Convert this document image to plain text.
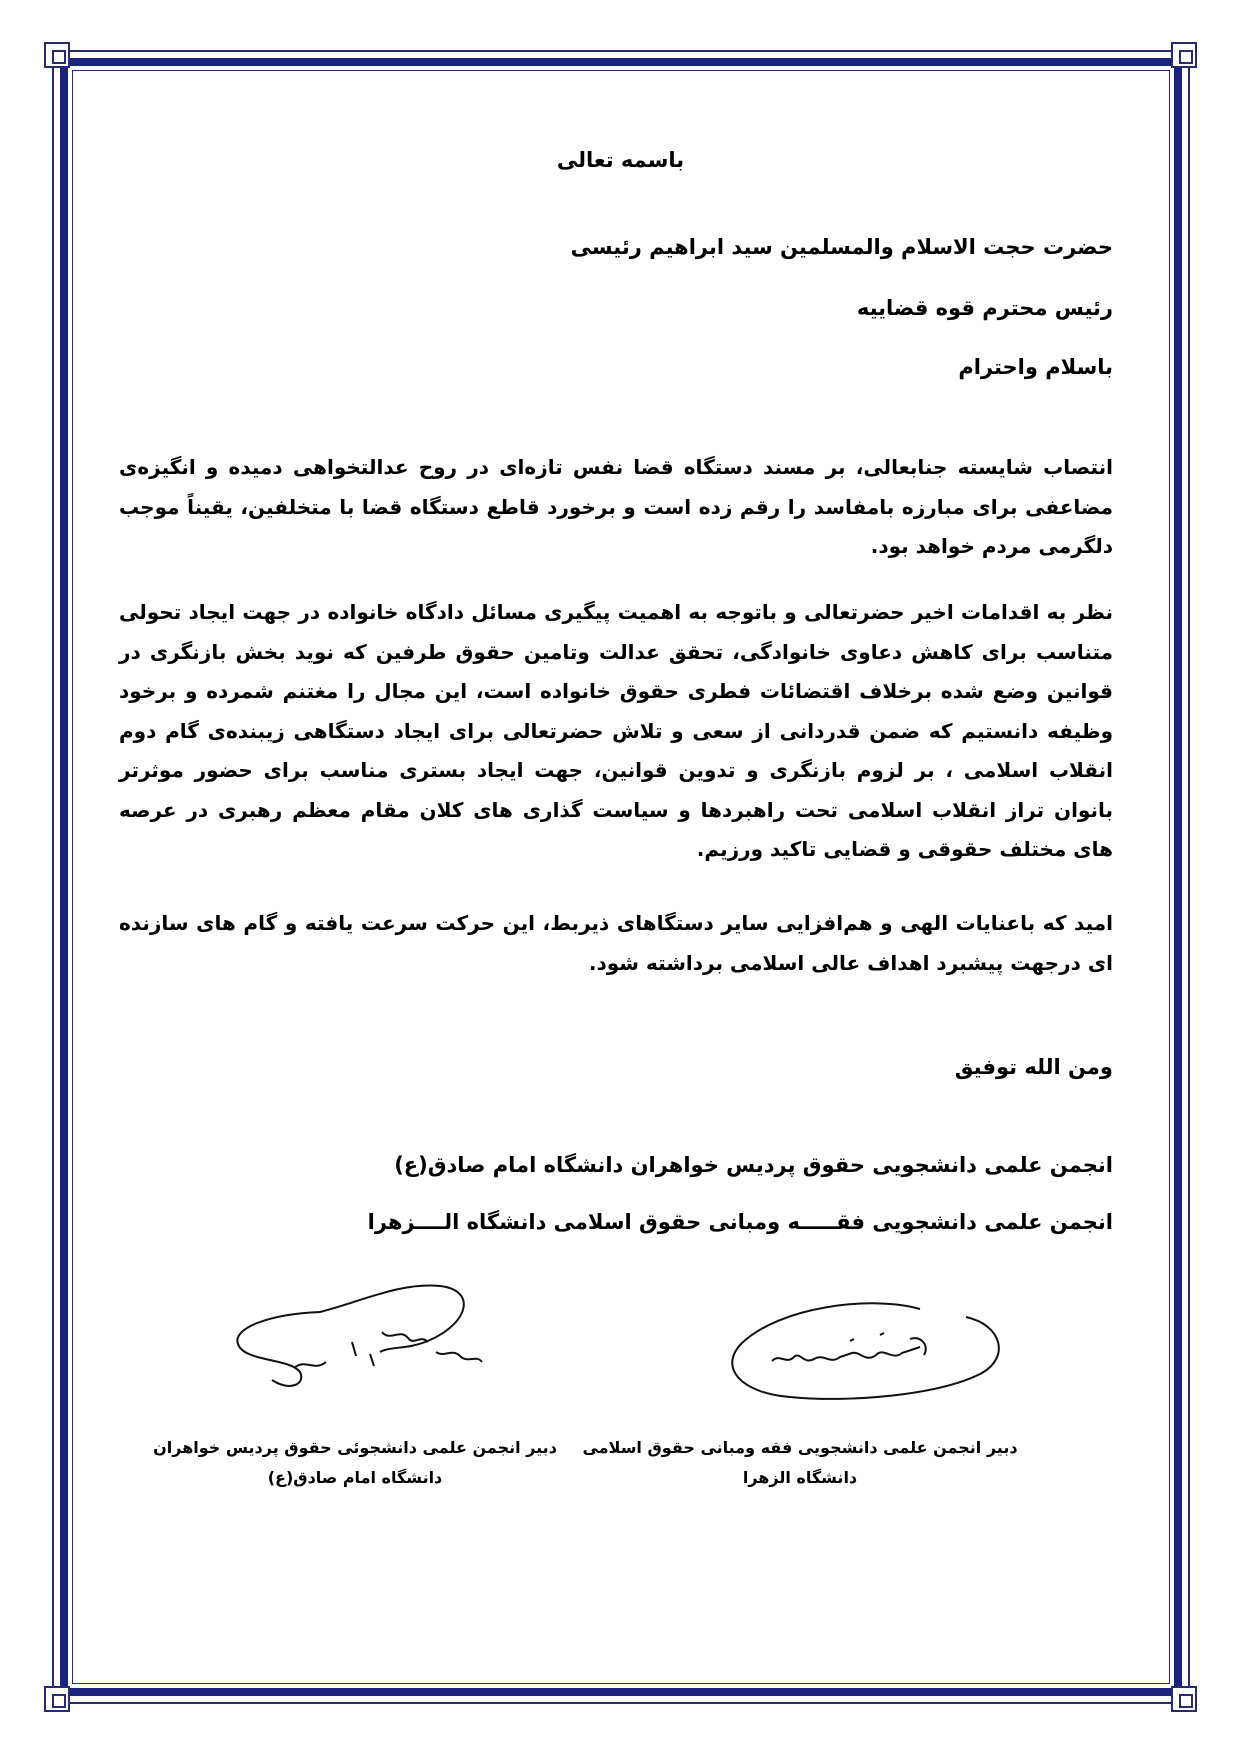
باسمه تعالی
حضرت حجت الاسلام والمسلمین سید ابراهیم رئیسی
رئیس محترم قوه قضاییه
باسلام واحترام
انتصاب شایسته جنابعالی، بر مسند دستگاه قضا نفس تازه‌ای در روح عدالتخواهی دمیده و انگیزه‌ی مضاعفی برای مبارزه بامفاسد را رقم زده است و برخورد قاطع دستگاه قضا با متخلفین، یقیناً موجب دلگرمی مردم خواهد بود.
نظر به اقدامات اخیر حضرتعالی و باتوجه به اهمیت پیگیری مسائل دادگاه خانواده در جهت ایجاد تحولی متناسب برای کاهش دعاوی خانوادگی، تحقق عدالت وتامین حقوق طرفین که نوید بخش بازنگری در قوانین وضع شده برخلاف اقتضائات فطری حقوق خانواده است، این مجال را مغتنم شمرده و برخود وظیفه دانستیم که ضمن قدردانی از سعی و تلاش حضرتعالی برای ایجاد دستگاهی زیبنده‌ی گام دوم انقلاب اسلامی ، بر لزوم بازنگری و تدوین قوانین، جهت ایجاد بستری مناسب برای حضور موثرتر بانوان تراز انقلاب اسلامی تحت راهبردها و سیاست گذاری های کلان مقام معظم رهبری در عرصه های مختلف حقوقی و قضایی تاکید ورزیم.
امید که باعنایات الهی و هم‌افزایی سایر دستگاهای ذیربط، این حرکت سرعت یافته و گام های سازنده ای درجهت پیشبرد اهداف عالی اسلامی برداشته شود.
ومن الله توفیق
انجمن علمی دانشجویی حقوق پردیس خواهران دانشگاه امام صادق(ع)
انجمن علمی دانشجویی فقـــــه ومبانی حقوق اسلامی دانشگاه الــــزهرا
دبیر انجمن علمی دانشجویی فقه ومبانی حقوق اسلامی
دانشگاه الزهرا
دبیر انجمن علمی دانشجوئی حقوق پردیس خواهران
دانشگاه امام صادق(ع)
